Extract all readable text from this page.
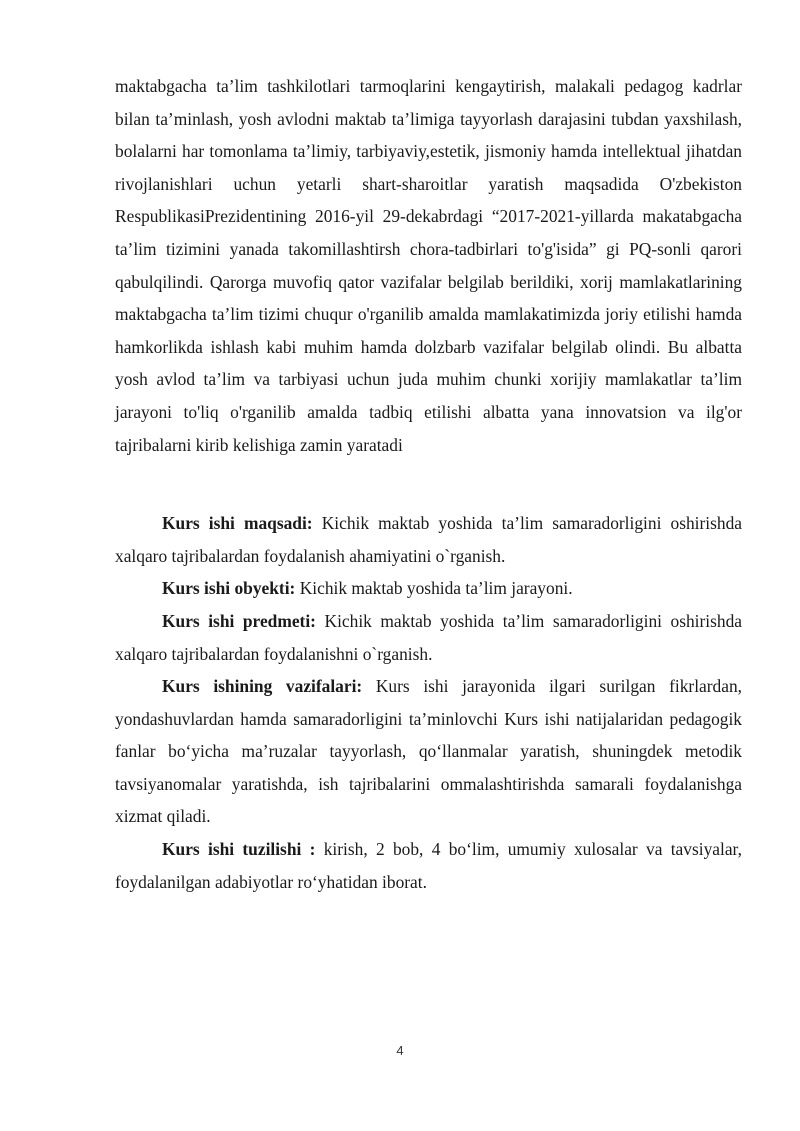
maktabgacha ta’lim tashkilotlari tarmoqlarini kengaytirish, malakali pedagog kadrlar bilan ta’minlash, yosh avlodni maktab ta’limiga tayyorlash darajasini tubdan yaxshilash, bolalarni har tomonlama ta’limiy, tarbiyaviy,estetik, jismoniy hamda intellektual jihatdan rivojlanishlari uchun yetarli shart-sharoitlar yaratish maqsadida O'zbekiston RespublikasiPrezidentining 2016-yil 29-dekabrdagi “2017-2021-yillarda makatabgacha ta’lim tizimini yanada takomillashtirsh chora-tadbirlari to'g'isida” gi PQ-sonli qarori qabulqilindi. Qarorga muvofiq qator vazifalar belgilab berildiki, xorij mamlakatlarining maktabgacha ta’lim tizimi chuqur o'rganilib amalda mamlakatimizda joriy etilishi hamda hamkorlikda ishlash kabi muhim hamda dolzbarb vazifalar belgilab olindi. Bu albatta yosh avlod ta’lim va tarbiyasi uchun juda muhim chunki xorijiy mamlakatlar ta’lim jarayoni to'liq o'rganilib amalda tadbiq etilishi albatta yana innovatsion va ilg'or tajribalarni kirib kelishiga zamin yaratadi

Kurs ishi maqsadi: Kichik maktab yoshida ta’lim samaradorligini oshirishda xalqaro tajribalardan foydalanish ahamiyatini o`rganish.

Kurs ishi obyekti: Kichik maktab yoshida ta’lim jarayoni.

Kurs ishi predmeti: Kichik maktab yoshida ta’lim samaradorligini oshirishda xalqaro tajribalardan foydalanishni o`rganish.

Kurs ishining vazifalari: Kurs ishi jarayonida ilgari surilgan fikrlardan, yondashuvlardan hamda samaradorligini ta’minlovchi Kurs ishi natijalaridan pedagogik fanlar bo‘yicha ma’ruzalar tayyorlash, qo‘llanmalar yaratish, shuningdek metodik tavsiyanomalar yaratishda, ish tajribalarini ommalashtirishda samarali foydalanishga xizmat qiladi.

Kurs ishi tuzilishi : kirish, 2 bob, 4 bo‘lim, umumiy xulosalar va tavsiyalar, foydalanilgan adabiyotlar ro‘yhatidan iborat.

4
